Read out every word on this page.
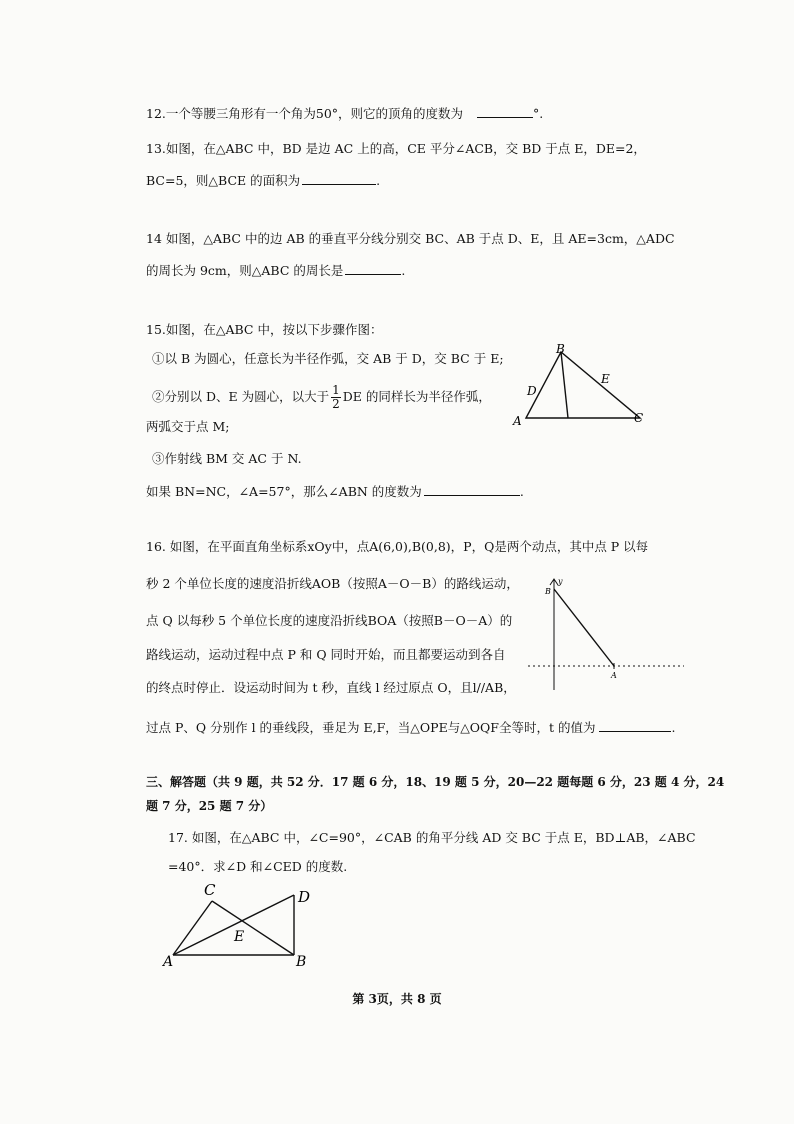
12.一个等腰三角形有一个角为50°，则它的顶角的度数为	°.
13.如图，在△ABC 中，BD 是边 AC 上的高，CE 平分∠ACB，交 BD 于点 E，DE=2，
BC=5，则△BCE 的面积为	.
14 如图，△ABC 中的边 AB 的垂直平分线分别交 BC、AB 于点 D、E，且 AE=3cm，△ADC
的周长为 9cm，则△ABC 的周长是	.
15.如图，在△ABC 中，按以下步骤作图：
①以 B 为圆心，任意长为半径作弧，交 AB 于 D，交 BC 于 E;
②分别以 D、E 为圆心，以大于 $\frac{1}{2}$ DE 的同样长为半径作弧，
两弧交于点 M;
③作射线 BM 交 AC 于 N.
如果 BN=NC，∠A=57°，那么∠ABN 的度数为	.
B
D
E
A	C
16. 如图，在平面直角坐标系xOy中，点A(6,0),B(0,8)，P，Q是两个动点，其中点 P 以每
秒 2 个单位长度的速度沿折线AOB（按照A－O－B）的路线运动，
点 Q 以每秒 5 个单位长度的速度沿折线BOA（按照B－O－A）的
路线运动，运动过程中点 P 和 Q 同时开始，而且都要运动到各自
的终点时停止．设运动时间为 t 秒，直线 l 经过原点 O，且l//AB，
过点 P、Q 分别作 l 的垂线段，垂足为 E,F，当△OPE与△OQF全等时，t 的值为	.
y
B
A
三、解答题（共 9 题，共 52 分．17 题 6 分，18、19 题 5 分，20—22 题每题 6 分，23 题 4 分，24
题 7 分，25 题 7 分）
17. 如图，在△ABC 中，∠C=90°，∠CAB 的角平分线 AD 交 BC 于点 E，BD⊥AB，∠ABC
=40°．求∠D 和∠CED 的度数.
C	D
E
A	B
第 3页，共 8 页
